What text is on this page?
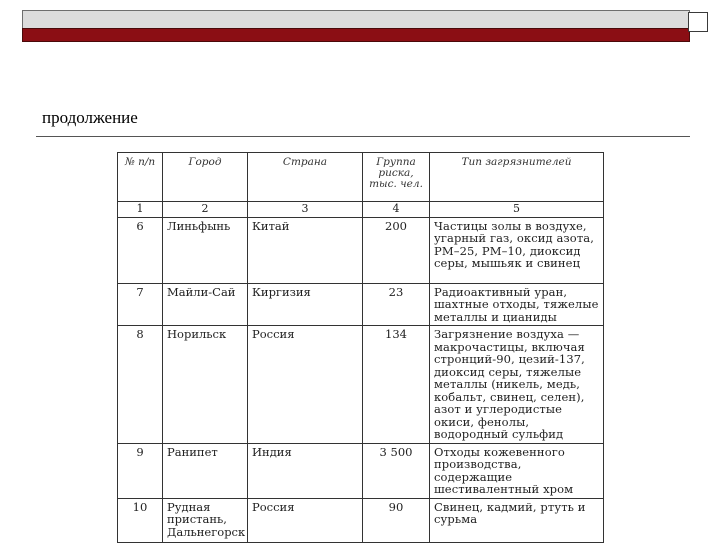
продолжение
№ п/п	Город	Страна	Группа риска, тыс. чел.	Тип загрязнителей
1	2	3	4	5
6	Линьфынь	Китай	200	Частицы золы в воздухе, угарный газ, оксид азота, PM–25, PM–10, диоксид серы, мышьяк и свинец
7	Майли-Сай	Киргизия	23	Радиоактивный уран, шахтные отходы, тяжелые металлы и цианиды
8	Норильск	Россия	134	Загрязнение воздуха — макрочастицы, включая стронций-90, цезий-137, диоксид серы, тяжелые металлы (никель, медь, кобальт, свинец, селен), азот и углеродистые окиси, фенолы, водородный сульфид
9	Ранипет	Индия	3 500	Отходы кожевенного производства, содержащие шестивалентный хром
10	Рудная пристань, Дальнегорск	Россия	90	Свинец, кадмий, ртуть и сурьма
